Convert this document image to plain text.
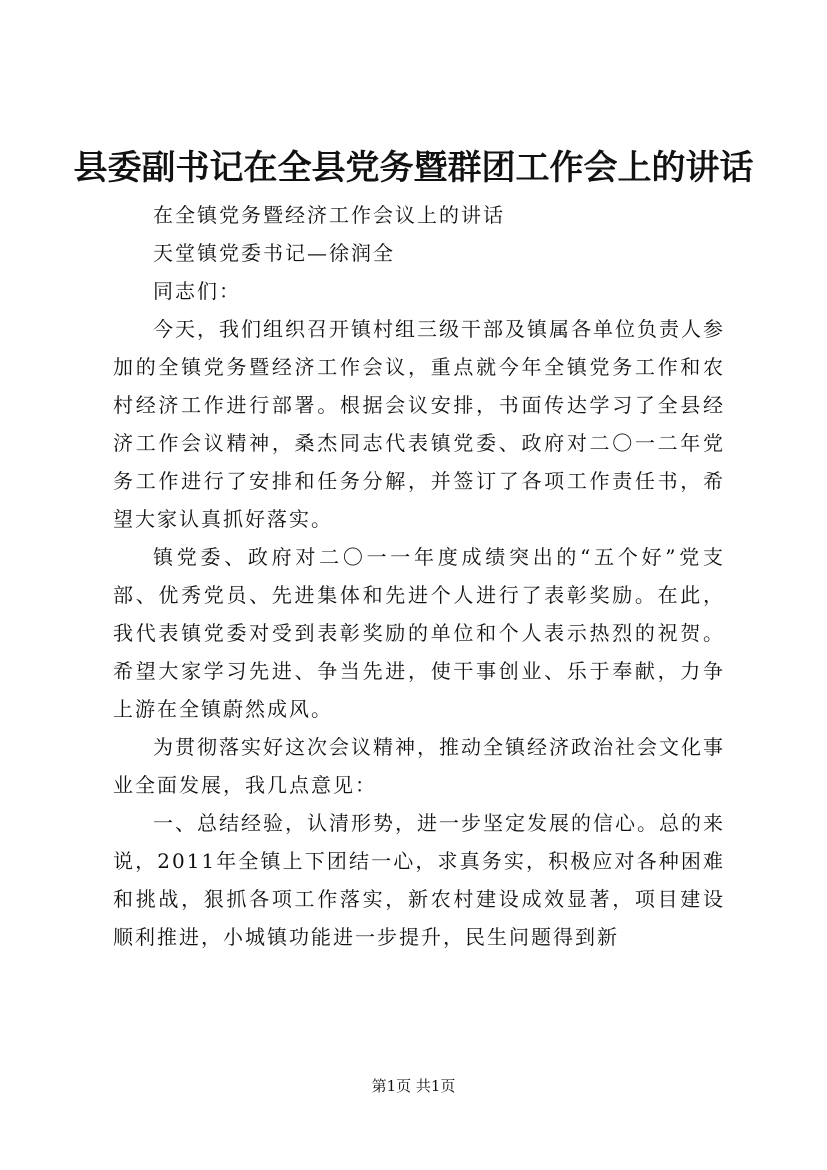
县委副书记在全县党务暨群团工作会上的讲话

在全镇党务暨经济工作会议上的讲话

天堂镇党委书记—徐润全

同志们：

今天，我们组织召开镇村组三级干部及镇属各单位负责人参加的全镇党务暨经济工作会议，重点就今年全镇党务工作和农村经济工作进行部署。根据会议安排，书面传达学习了全县经济工作会议精神，桑杰同志代表镇党委、政府对二〇一二年党务工作进行了安排和任务分解，并签订了各项工作责任书，希望大家认真抓好落实。

镇党委、政府对二〇一一年度成绩突出的“五个好”党支部、优秀党员、先进集体和先进个人进行了表彰奖励。在此，我代表镇党委对受到表彰奖励的单位和个人表示热烈的祝贺。希望大家学习先进、争当先进，使干事创业、乐于奉献，力争上游在全镇蔚然成风。

为贯彻落实好这次会议精神，推动全镇经济政治社会文化事业全面发展，我几点意见：

一、总结经验，认清形势，进一步坚定发展的信心。总的来说，2011年全镇上下团结一心，求真务实，积极应对各种困难和挑战，狠抓各项工作落实，新农村建设成效显著，项目建设顺利推进，小城镇功能进一步提升，民生问题得到新

第1页 共1页
